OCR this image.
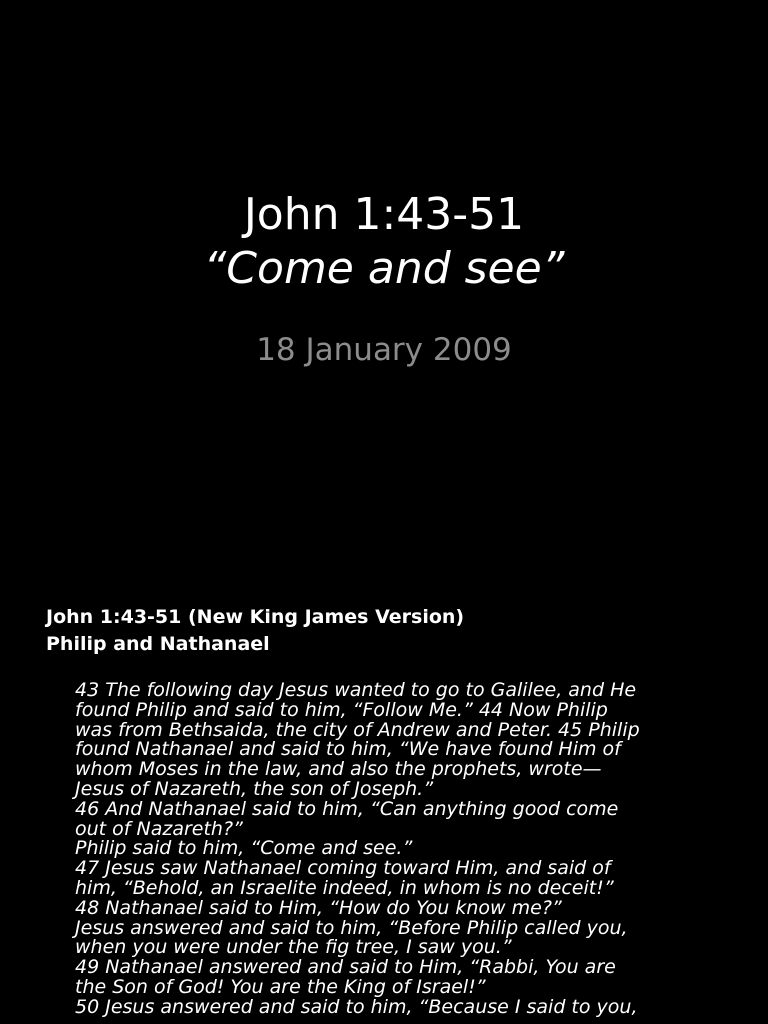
John 1:43-51
“Come and see”
18 January 2009
John 1:43-51 (New King James Version)
Philip and Nathanael
43 The following day Jesus wanted to go to Galilee, and He
found Philip and said to him, “Follow Me.” 44 Now Philip
was from Bethsaida, the city of Andrew and Peter. 45 Philip
found Nathanael and said to him, “We have found Him of
whom Moses in the law, and also the prophets, wrote—
Jesus of Nazareth, the son of Joseph.”
46 And Nathanael said to him, “Can anything good come
out of Nazareth?”
Philip said to him, “Come and see.”
47 Jesus saw Nathanael coming toward Him, and said of
him, “Behold, an Israelite indeed, in whom is no deceit!”
48 Nathanael said to Him, “How do You know me?”
Jesus answered and said to him, “Before Philip called you,
when you were under the fig tree, I saw you.”
49 Nathanael answered and said to Him, “Rabbi, You are
the Son of God! You are the King of Israel!”
50 Jesus answered and said to him, “Because I said to you,
